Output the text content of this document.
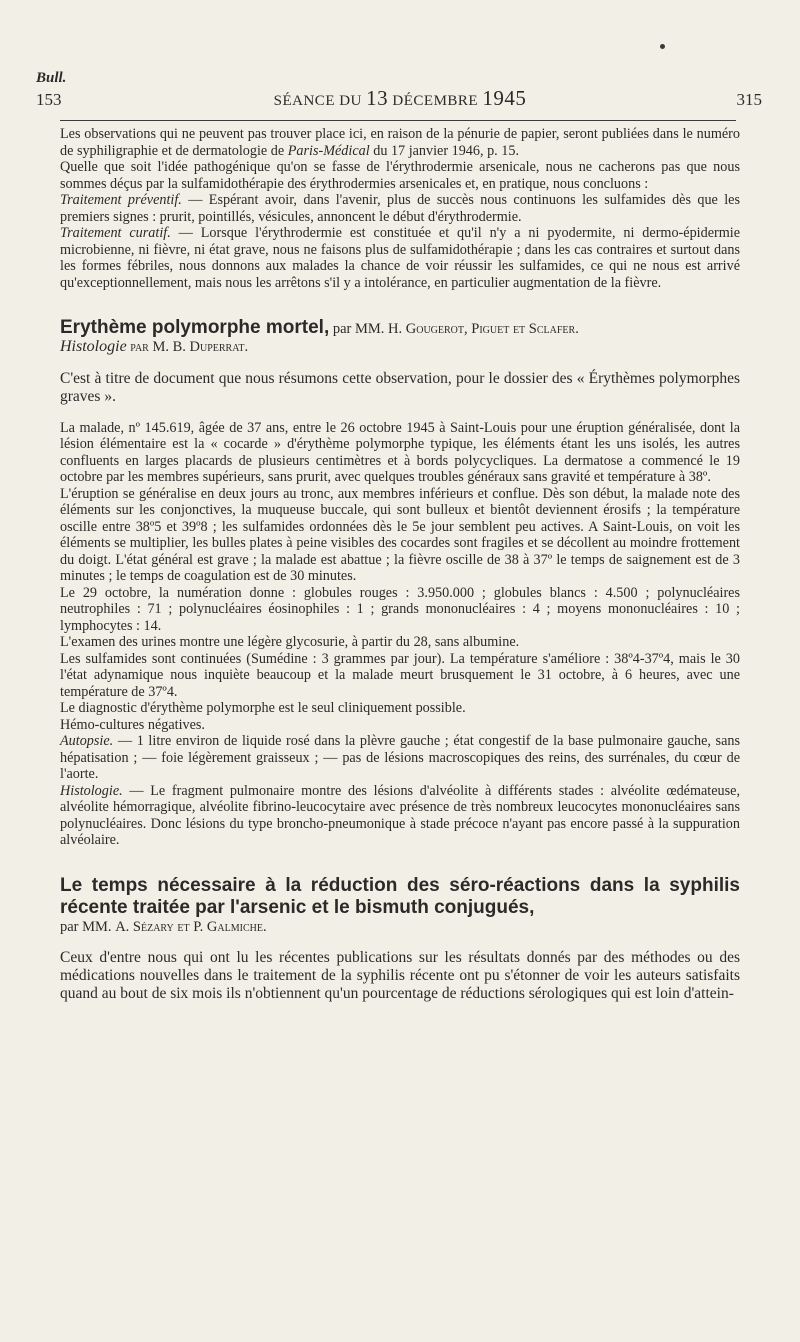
Bull.
153	SÉANCE DU 13 DÉCEMBRE 1945	315

Les observations qui ne peuvent pas trouver place ici, en raison de la pénurie de papier, seront publiées dans le numéro de syphiligraphie et de dermatologie de Paris-Médical du 17 janvier 1946, p. 15.

Quelle que soit l'idée pathogénique qu'on se fasse de l'érythrodermie arsenicale, nous ne cacherons pas que nous sommes déçus par la sulfamidothérapie des érythrodermies arsenicales et, en pratique, nous concluons :

Traitement préventif. — Espérant avoir, dans l'avenir, plus de succès nous continuons les sulfamides dès que les premiers signes : prurit, pointillés, vésicules, annoncent le début d'érythrodermie.

Traitement curatif. — Lorsque l'érythrodermie est constituée et qu'il n'y a ni pyodermite, ni dermo-épidermie microbienne, ni fièvre, ni état grave, nous ne faisons plus de sulfamidothérapie ; dans les cas contraires et surtout dans les formes fébriles, nous donnons aux malades la chance de voir réussir les sulfamides, ce qui ne nous est arrivé qu'exceptionnellement, mais nous les arrêtons s'il y a intolérance, en particulier augmentation de la fièvre.

Erythème polymorphe mortel, par MM. H. Gougerot, Piguet et Sclafer.

Histologie par M. B. Duperrat.

C'est à titre de document que nous résumons cette observation, pour le dossier des « Érythèmes polymorphes graves ».

La malade, nº 145.619, âgée de 37 ans, entre le 26 octobre 1945 à Saint-Louis pour une éruption généralisée, dont la lésion élémentaire est la « cocarde » d'érythème polymorphe typique, les éléments étant les uns isolés, les autres confluents en larges placards de plusieurs centimètres et à bords polycycliques. La dermatose a commencé le 19 octobre par les membres supérieurs, sans prurit, avec quelques troubles généraux sans gravité et température à 38º.

L'éruption se généralise en deux jours au tronc, aux membres inférieurs et conflue. Dès son début, la malade note des éléments sur les conjonctives, la muqueuse buccale, qui sont bulleux et bientôt deviennent érosifs ; la température oscille entre 38º5 et 39º8 ; les sulfamides ordonnées dès le 5e jour semblent peu actives. A Saint-Louis, on voit les éléments se multiplier, les bulles plates à peine visibles des cocardes sont fragiles et se décollent au moindre frottement du doigt. L'état général est grave ; la malade est abattue ; la fièvre oscille de 38 à 37º le temps de saignement est de 3 minutes ; le temps de coagulation est de 30 minutes.

Le 29 octobre, la numération donne : globules rouges : 3.950.000 ; globules blancs : 4.500 ; polynucléaires neutrophiles : 71 ; polynucléaires éosinophiles : 1 ; grands mononucléaires : 4 ; moyens mononucléaires : 10 ; lymphocytes : 14.

L'examen des urines montre une légère glycosurie, à partir du 28, sans albumine.

Les sulfamides sont continuées (Sumédine : 3 grammes par jour). La température s'améliore : 38º4-37º4, mais le 30 l'état adynamique nous inquiète beaucoup et la malade meurt brusquement le 31 octobre, à 6 heures, avec une température de 37º4.

Le diagnostic d'érythème polymorphe est le seul cliniquement possible.

Hémo-cultures négatives.

Autopsie. — 1 litre environ de liquide rosé dans la plèvre gauche ; état congestif de la base pulmonaire gauche, sans hépatisation ; — foie légèrement graisseux ; — pas de lésions macroscopiques des reins, des surrénales, du cœur de l'aorte.

Histologie. — Le fragment pulmonaire montre des lésions d'alvéolite à différents stades : alvéolite œdémateuse, alvéolite hémorragique, alvéolite fibrino-leucocytaire avec présence de très nombreux leucocytes mononucléaires sans polynucléaires. Donc lésions du type broncho-pneumonique à stade précoce n'ayant pas encore passé à la suppuration alvéolaire.

Le temps nécessaire à la réduction des séro-réactions dans la syphilis récente traitée par l'arsenic et le bismuth conjugués,

par MM. A. Sézary et P. Galmiche.

Ceux d'entre nous qui ont lu les récentes publications sur les résultats donnés par des méthodes ou des médications nouvelles dans le traitement de la syphilis récente ont pu s'étonner de voir les auteurs satisfaits quand au bout de six mois ils n'obtiennent qu'un pourcentage de réductions sérologiques qui est loin d'attein-
